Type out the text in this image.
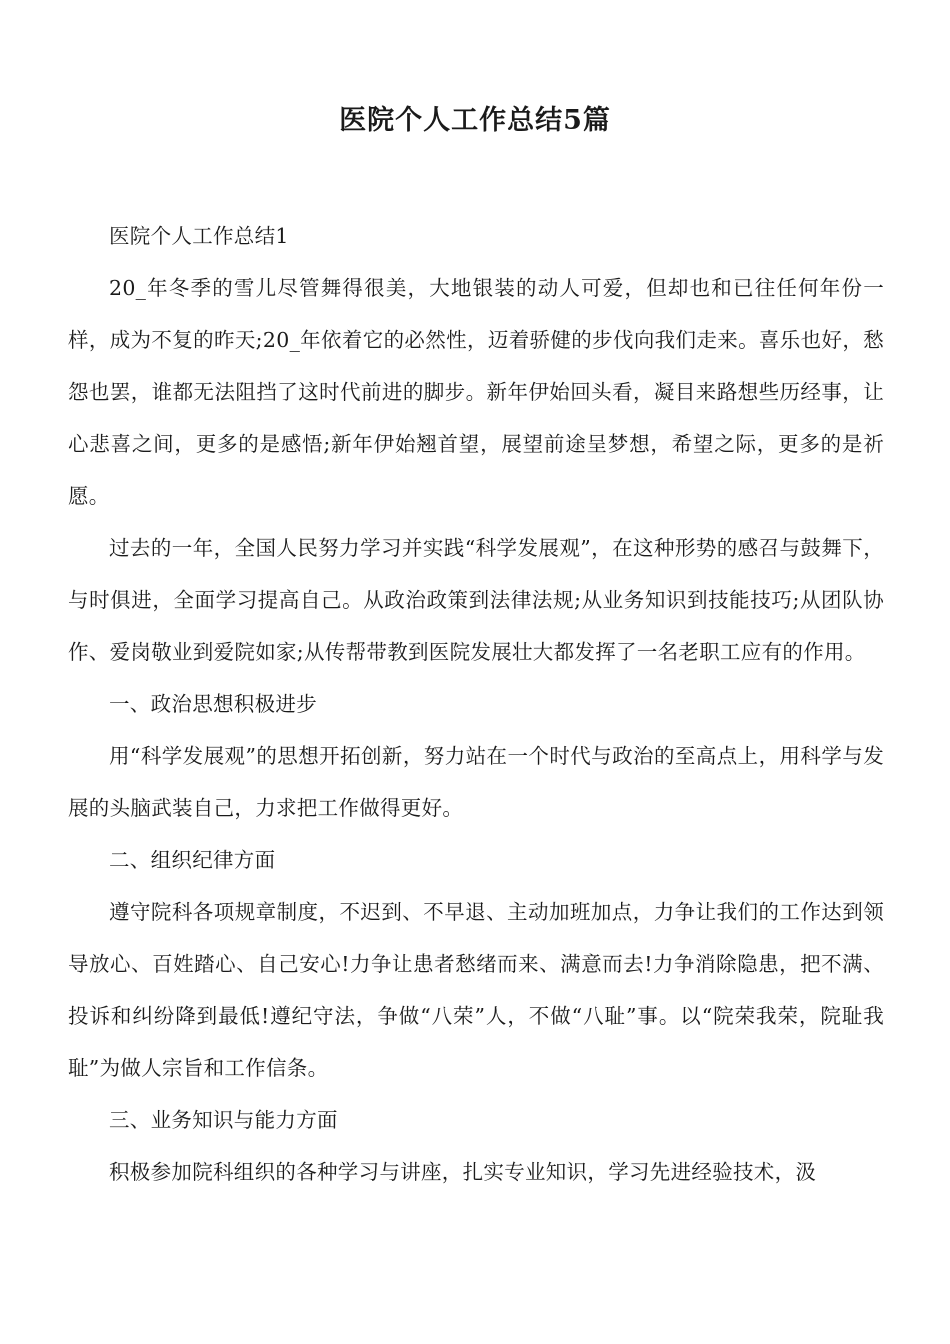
医院个人工作总结5篇

医院个人工作总结1

20_年冬季的雪儿尽管舞得很美，大地银装的动人可爱，但却也和已往任何年份一样，成为不复的昨天;20_年依着它的必然性，迈着骄健的步伐向我们走来。喜乐也好，愁怨也罢，谁都无法阻挡了这时代前进的脚步。新年伊始回头看，凝目来路想些历经事，让心悲喜之间，更多的是感悟;新年伊始翘首望，展望前途呈梦想，希望之际，更多的是祈愿。

过去的一年，全国人民努力学习并实践“科学发展观”，在这种形势的感召与鼓舞下，与时俱进，全面学习提高自己。从政治政策到法律法规;从业务知识到技能技巧;从团队协作、爱岗敬业到爱院如家;从传帮带教到医院发展壮大都发挥了一名老职工应有的作用。

一、政治思想积极进步

用“科学发展观”的思想开拓创新，努力站在一个时代与政治的至高点上，用科学与发展的头脑武装自己，力求把工作做得更好。

二、组织纪律方面

遵守院科各项规章制度，不迟到、不早退、主动加班加点，力争让我们的工作达到领导放心、百姓踏心、自己安心!力争让患者愁绪而来、满意而去!力争消除隐患，把不满、投诉和纠纷降到最低!遵纪守法，争做“八荣”人，不做“八耻”事。以“院荣我荣，院耻我耻”为做人宗旨和工作信条。

三、业务知识与能力方面

积极参加院科组织的各种学习与讲座，扎实专业知识，学习先进经验技术，汲
